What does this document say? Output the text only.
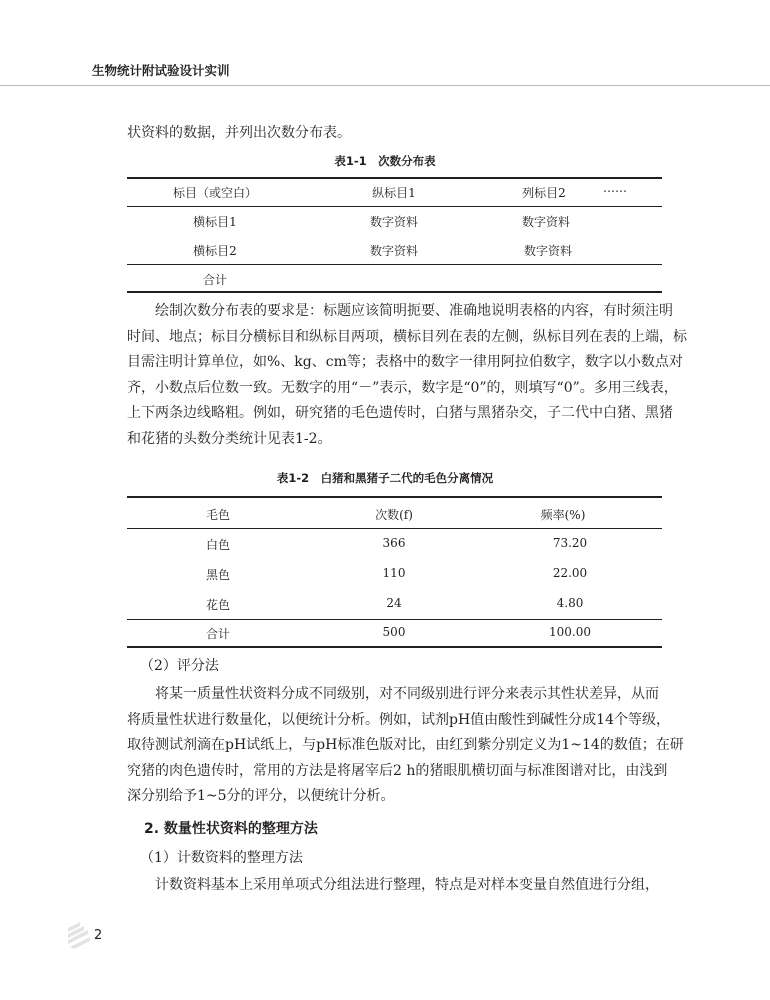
生物统计附试验设计实训

状资料的数据，并列出次数分布表。

表1-1　次数分布表
标目（或空白）	纵标目1	列标目2	……
横标目1	数字资料	数字资料
横标目2	数字资料	数字资料
合计

　　绘制次数分布表的要求是：标题应该简明扼要、准确地说明表格的内容，有时须注明

时间、地点；标目分横标目和纵标目两项，横标目列在表的左侧，纵标目列在表的上端，标

目需注明计算单位，如%、kg、cm等；表格中的数字一律用阿拉伯数字，数字以小数点对

齐，小数点后位数一致。无数字的用“－”表示，数字是“0”的，则填写“0”。多用三线表，

上下两条边线略粗。例如，研究猪的毛色遗传时，白猪与黑猪杂交，子二代中白猪、黑猪

和花猪的头数分类统计见表1-2。

表1-2　白猪和黑猪子二代的毛色分离情况
毛色	次数(f)	频率(%)
白色	366	73.20
黑色	110	22.00
花色	24	4.80
合计	500	100.00

（2）评分法

　　将某一质量性状资料分成不同级别，对不同级别进行评分来表示其性状差异，从而

将质量性状进行数量化，以便统计分析。例如，试剂pH值由酸性到碱性分成14个等级，

取待测试剂滴在pH试纸上，与pH标准色版对比，由红到紫分别定义为1~14的数值；在研

究猪的肉色遗传时，常用的方法是将屠宰后2 h的猪眼肌横切面与标准图谱对比，由浅到

深分别给予1~5分的评分，以便统计分析。

2. 数量性状资料的整理方法

（1）计数资料的整理方法

　　计数资料基本上采用单项式分组法进行整理，特点是对样本变量自然值进行分组，

2
